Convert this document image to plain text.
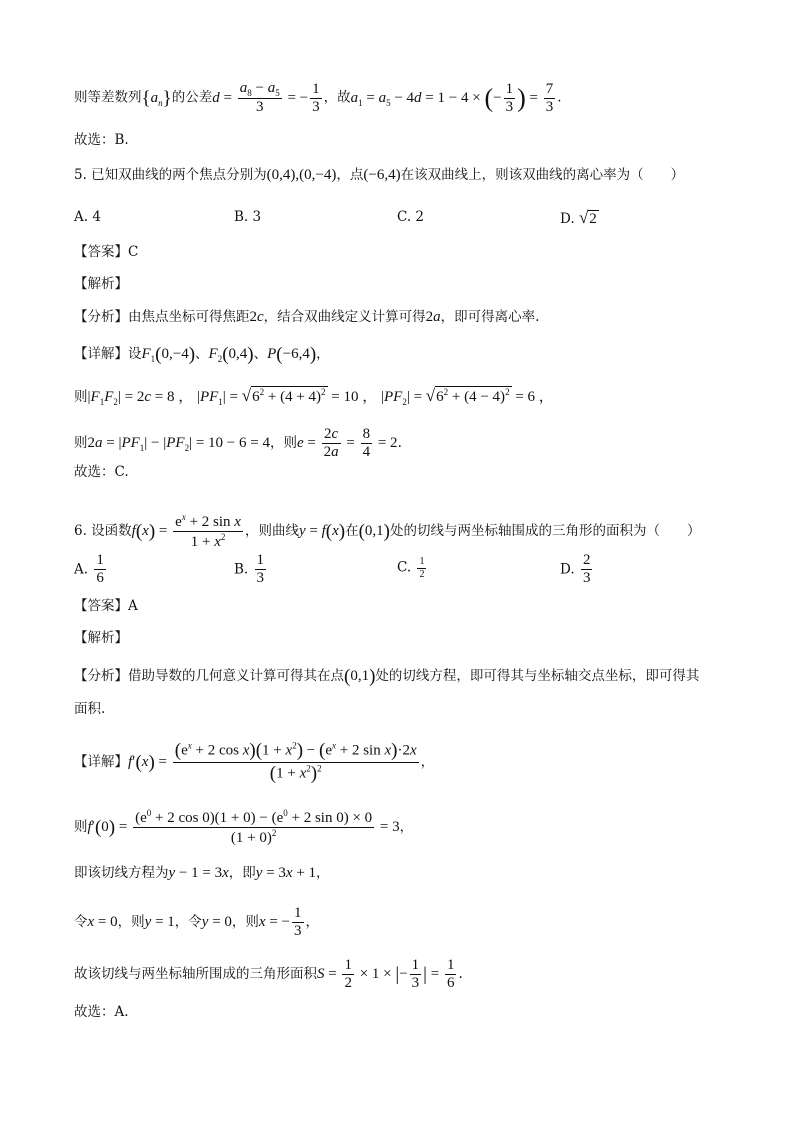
则等差数列$\{a_n\}$的公差$d = \frac{a_8 - a_5}{3}$ = − $\frac{1}{3}$ ，故$a_1 = a_5 - 4d = 1 - 4$ × (− $\frac{1}{3}$ ) = $\frac{7}{3}$ .
故选：B.
5. 已知双曲线的两个焦点分别为(0,4),(0,−4)，点(−6,4)在该双曲线上，则该双曲线的离心率为（　　）
A. 4	B. 3	C. 2	D. √2
【答案】C
【解析】
【分析】由焦点坐标可得焦距2c，结合双曲线定义计算可得2a，即可得离心率.
【详解】设$F_1(0,-4)$、$F_2(0,4)$、P(−6,4)，
则$|F_1F_2| = 2c = 8$ ， $|PF_1| = √6^2 + (4 + 4)^2 = 10$ ， $|PF_2| = √6^2 + (4 - 4)^2 = 6$ ，
则$2a = |PF_1| - |PF_2| = 10 - 6 = 4$，则$e = \frac{2c}{2a} = \frac{8}{4} = 2$.
故选：C.
6. 设函数$f(x) = \frac{e^x + 2 \sin x}{1 + x^2}$ ，则曲线y = f(x)在(0,1)处的切线与两坐标轴围成的三角形的面积为（　　）
A. $\frac{1}{6}$	B. $\frac{1}{3}$	C. $\frac{1}{2}$	D. $\frac{2}{3}$
【答案】A
【解析】
【分析】借助导数的几何意义计算可得其在点(0,1)处的切线方程，即可得其与坐标轴交点坐标，即可得其
面积.
【详解】$f'(x) = \frac{(e^x + 2 \cos x)(1 + x^2) - (e^x + 2 \sin x)\cdot 2x}{(1 + x^2)^2}$ ，
则$f'(0) = \frac{(e^0 + 2 \cos 0)(1 + 0) - (e^0 + 2 \sin 0) \times 0}{(1 + 0)^2} = 3$，
即该切线方程为y − 1 = 3x，即y = 3x + 1，
令x = 0，则y = 1，令y = 0，则x = − $\frac{1}{3}$ ，
故该切线与两坐标轴所围成的三角形面积$S = \frac{1}{2} \times 1$ × |− $\frac{1}{3}$ | = $\frac{1}{6}$ .
故选：A.
